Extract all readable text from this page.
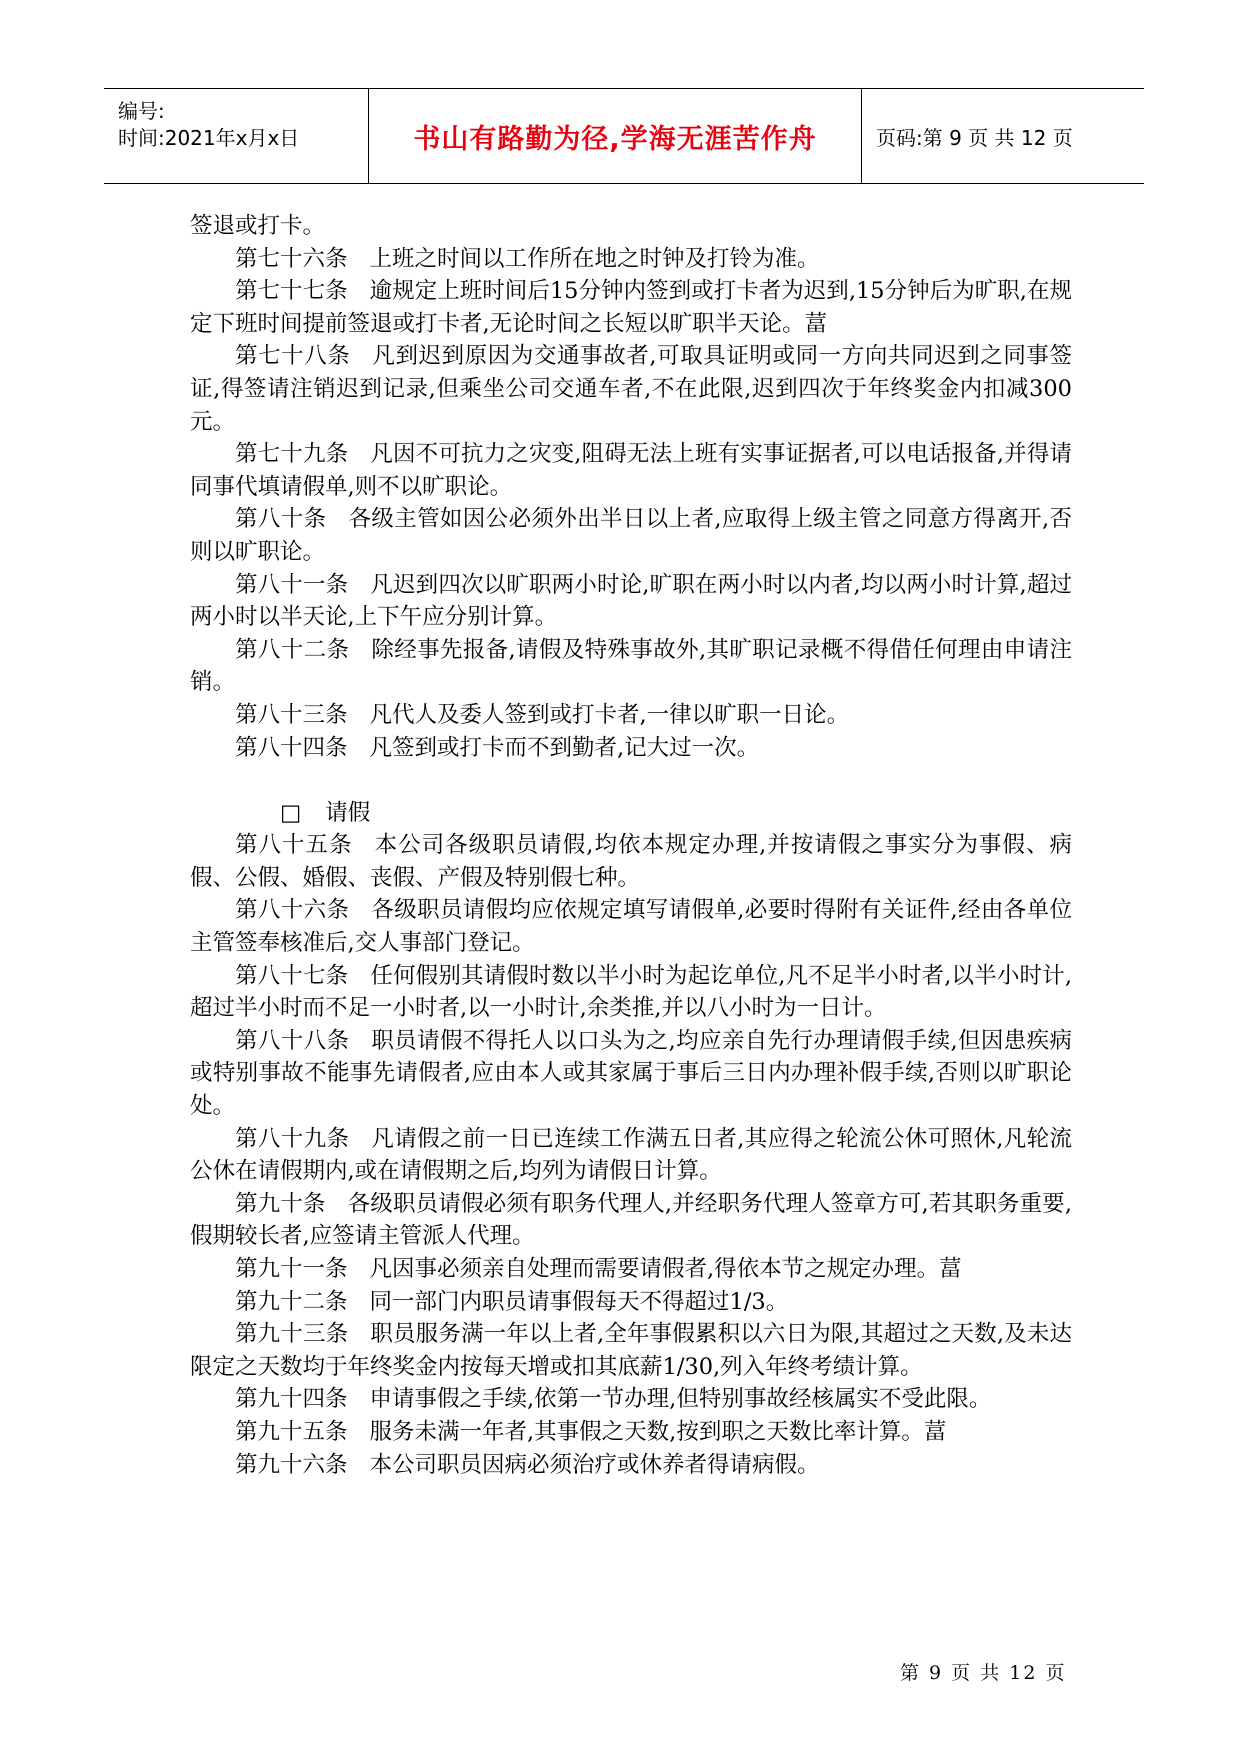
编号:
时间:2021年x月x日	书山有路勤为径,学海无涯苦作舟	页码:第 9 页 共 12 页

签退或打卡。

第七十六条 上班之时间以工作所在地之时钟及打铃为准。

第七十七条 逾规定上班时间后15分钟内签到或打卡者为迟到,15分钟后为旷职,在规定下班时间提前签退或打卡者,无论时间之长短以旷职半天论。葍

第七十八条 凡到迟到原因为交通事故者,可取具证明或同一方向共同迟到之同事签证,得签请注销迟到记录,但乘坐公司交通车者,不在此限,迟到四次于年终奖金内扣减300元。

第七十九条 凡因不可抗力之灾变,阻碍无法上班有实事证据者,可以电话报备,并得请同事代填请假单,则不以旷职论。

第八十条 各级主管如因公必须外出半日以上者,应取得上级主管之同意方得离开,否则以旷职论。

第八十一条 凡迟到四次以旷职两小时论,旷职在两小时以内者,均以两小时计算,超过两小时以半天论,上下午应分别计算。

第八十二条 除经事先报备,请假及特殊事故外,其旷职记录概不得借任何理由申请注销。

第八十三条 凡代人及委人签到或打卡者,一律以旷职一日论。

第八十四条 凡签到或打卡而不到勤者,记大过一次。

□ 请假

第八十五条 本公司各级职员请假,均依本规定办理,并按请假之事实分为事假、病假、公假、婚假、丧假、产假及特别假七种。

第八十六条 各级职员请假均应依规定填写请假单,必要时得附有关证件,经由各单位主管签奉核准后,交人事部门登记。

第八十七条 任何假别其请假时数以半小时为起讫单位,凡不足半小时者,以半小时计,超过半小时而不足一小时者,以一小时计,余类推,并以八小时为一日计。

第八十八条 职员请假不得托人以口头为之,均应亲自先行办理请假手续,但因患疾病或特别事故不能事先请假者,应由本人或其家属于事后三日内办理补假手续,否则以旷职论处。

第八十九条 凡请假之前一日已连续工作满五日者,其应得之轮流公休可照休,凡轮流公休在请假期内,或在请假期之后,均列为请假日计算。

第九十条 各级职员请假必须有职务代理人,并经职务代理人签章方可,若其职务重要,假期较长者,应签请主管派人代理。

第九十一条 凡因事必须亲自处理而需要请假者,得依本节之规定办理。葍

第九十二条 同一部门内职员请事假每天不得超过1/3。

第九十三条 职员服务满一年以上者,全年事假累积以六日为限,其超过之天数,及未达限定之天数均于年终奖金内按每天增或扣其底薪1/30,列入年终考绩计算。

第九十四条 申请事假之手续,依第一节办理,但特别事故经核属实不受此限。

第九十五条 服务未满一年者,其事假之天数,按到职之天数比率计算。葍

第九十六条 本公司职员因病必须治疗或休养者得请病假。

第 9 页 共 12 页
